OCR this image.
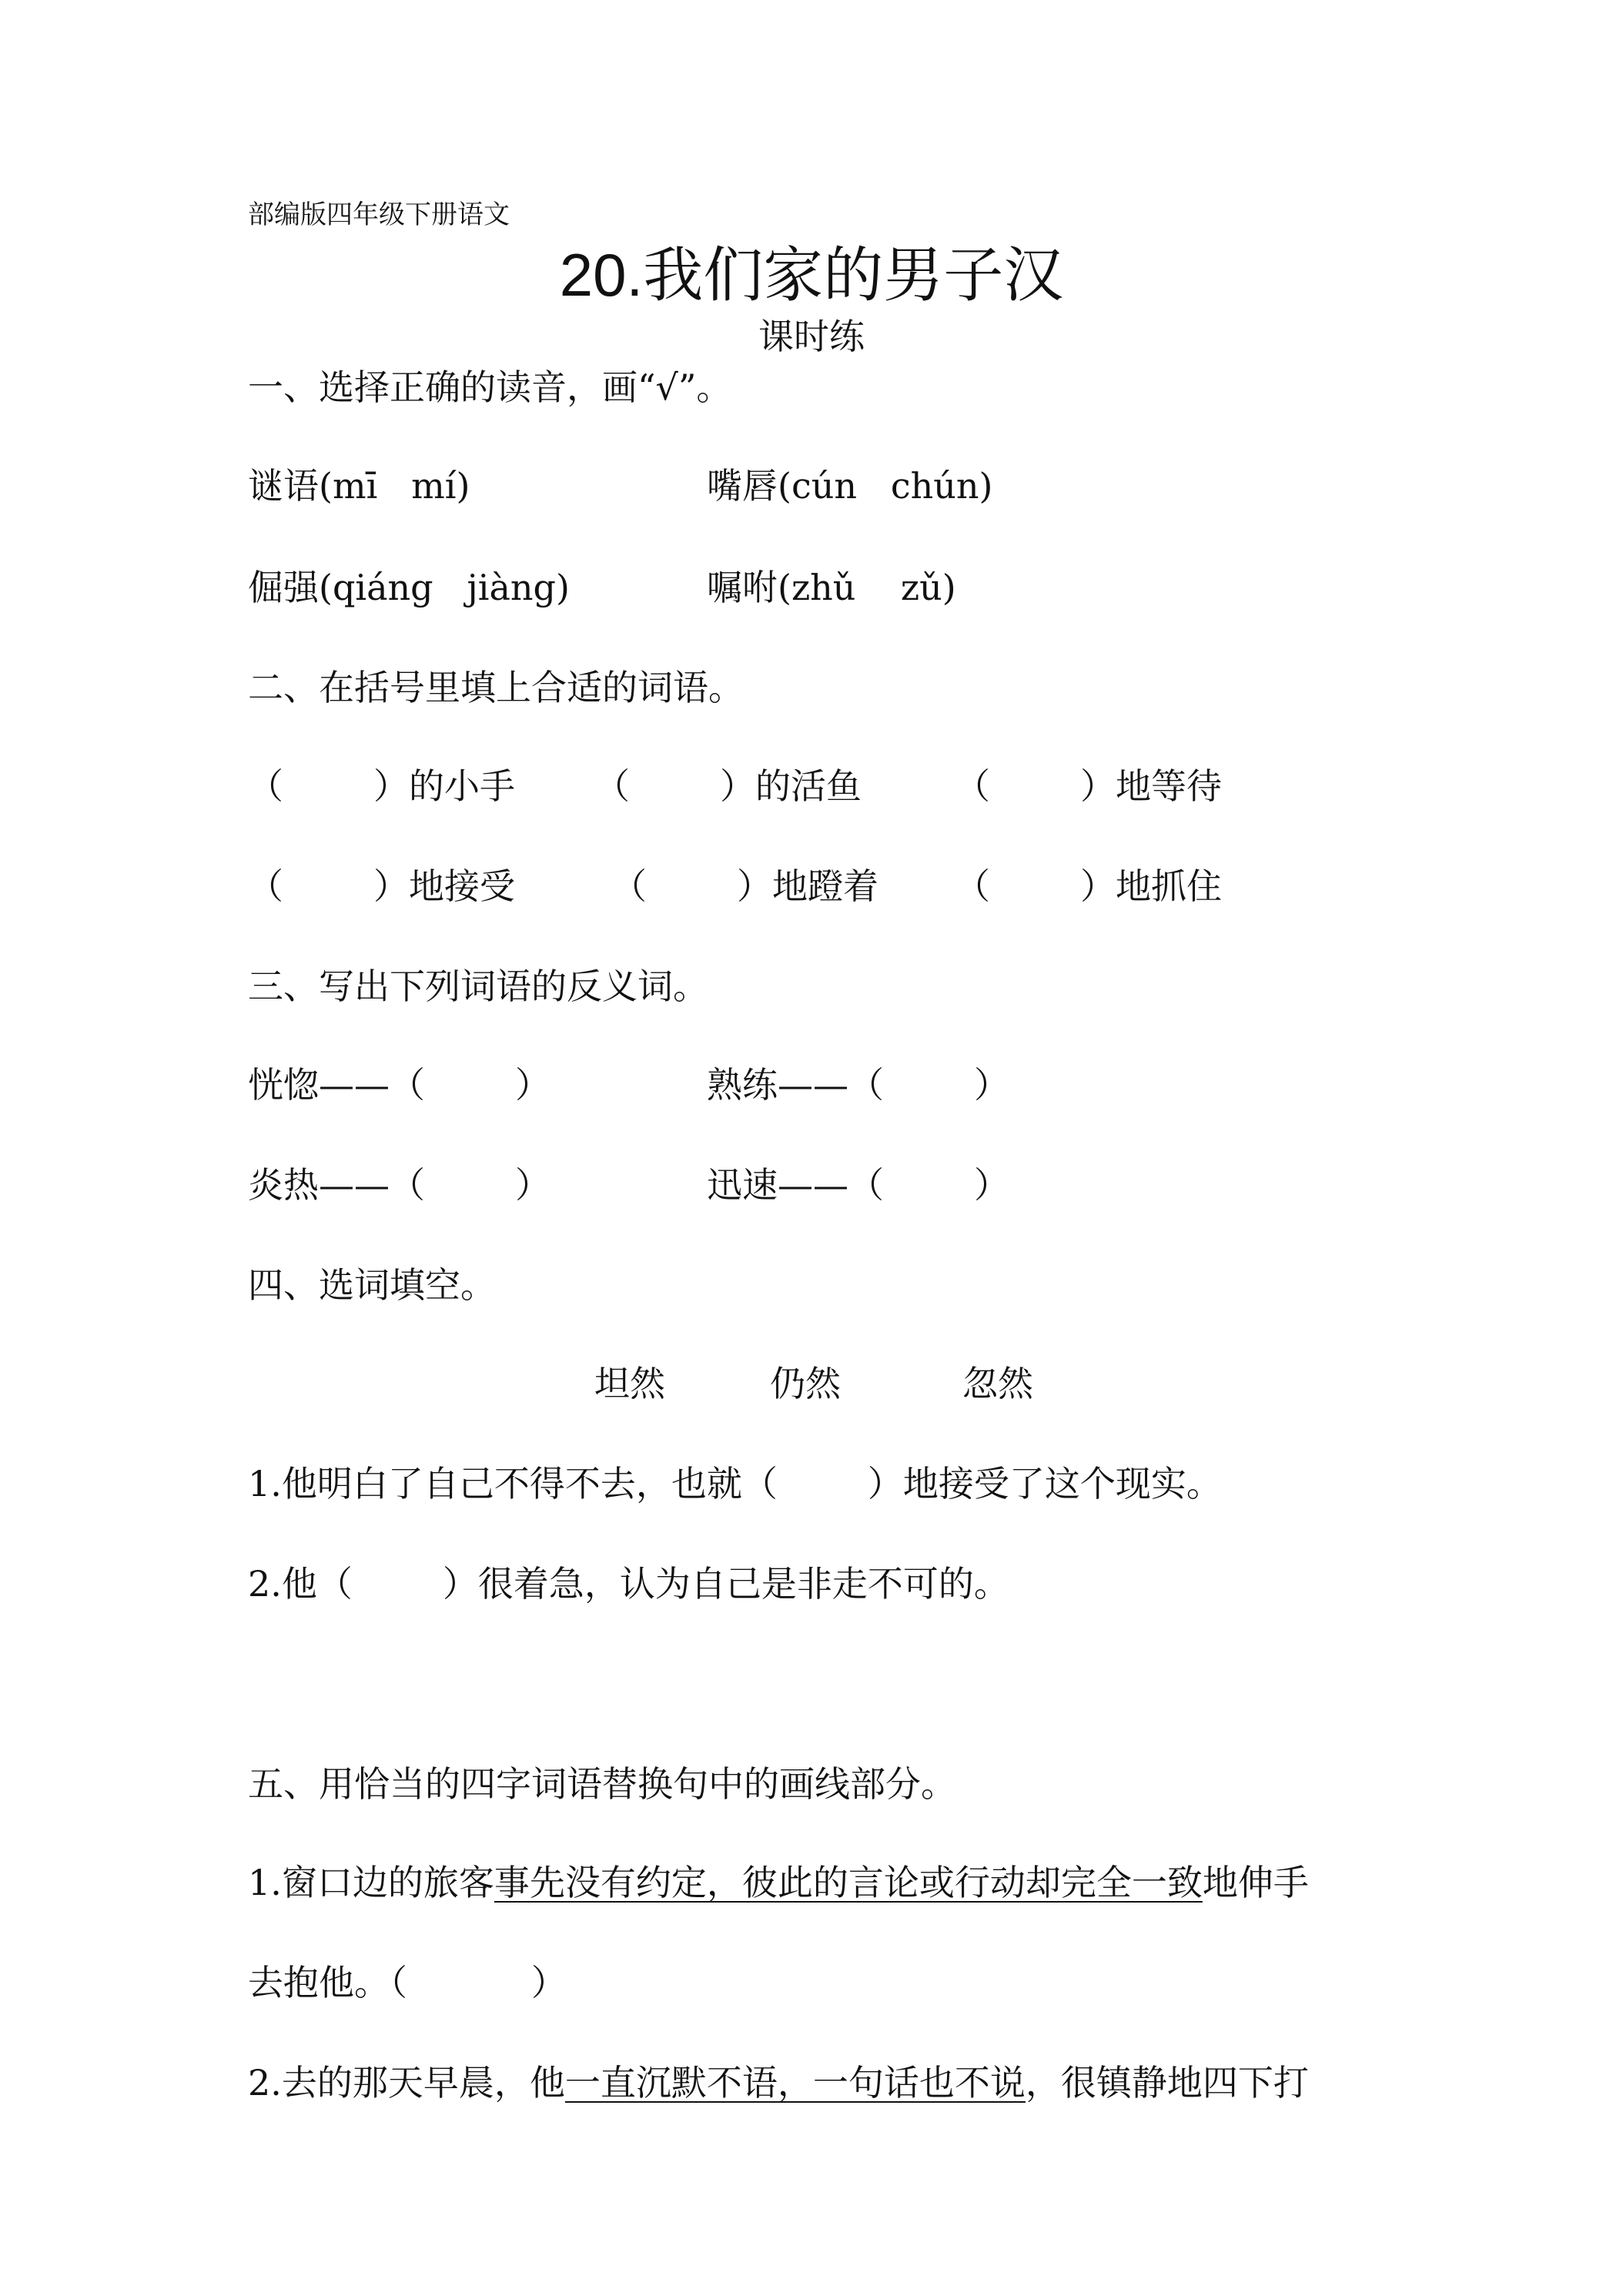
部编版四年级下册语文
20.我们家的男子汉
课时练
一、选择正确的读音，画“√”。
谜语(mī   mí)	嘴唇(cún   chún)
倔强(qiáng   jiàng)	嘱咐(zhǔ    zǔ)
二、在括号里填上合适的词语。
（        ）的小手 （        ）的活鱼	（        ）地等待
（        ）地接受	（        ）地蹬着 （        ）地抓住
三、写出下列词语的反义词。
恍惚——（        ）	熟练——（        ）
炎热——（        ）	迅速——（        ）
四、选词填空。
坦然	仍然	忽然
1.他明白了自己不得不去，也就（        ）地接受了这个现实。
2.他（        ）很着急，认为自己是非走不可的。
五、用恰当的四字词语替换句中的画线部分。
1.窗口边的旅客事先没有约定，彼此的言论或行动却完全一致地伸手
去抱他。（           ）
2.去的那天早晨，他一直沉默不语，一句话也不说，很镇静地四下打
